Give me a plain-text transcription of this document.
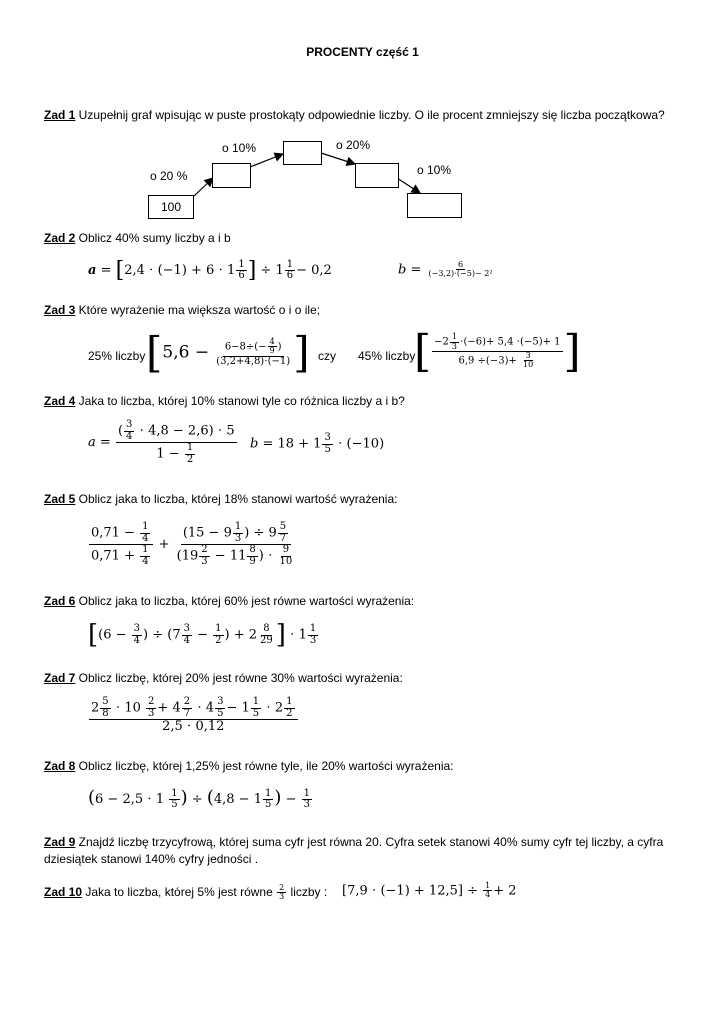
PROCENTY część 1
Zad 1 Uzupełnij graf wpisując w puste prostokąty odpowiednie liczby. O ile procent zmniejszy się liczba początkowa?
100
o 20 %
o 10%	o 20%
o 10%
Zad 2 Oblicz 40% sumy liczby a i b
$a = [2,4 \cdot (-1) + 6 \cdot 1 \frac{1}{6}$ ] ÷ $1 \frac{1}{6} - 0,2$	$b = \frac{6}{\text{(−3,2)⋅(−5)− 2²}}$
Zad 3 Które wyrażenie ma większa wartość o i o ile;
25% liczby [$5,6 - \frac{6-8\div(- \frac{4}{9} )}{(3,2+4,8)\cdot(-1)}$ ] czy 45% liczby
[ $\frac{-2 \frac{1}{3} \cdot(-6)+ 5,4 \cdot(-5)+ 1}{6,9 \div(-3)+ \frac{3}{10}}$ ]
Zad 4 Jaka to liczba, której 10% stanowi tyle co różnica liczby a i b?
$a = \frac{( \frac{3}{4} \cdot 4,8 - 2,6) \cdot 5}{1 - \frac{1}{2}}$ $b = 18 + 1 \frac{3}{5} \cdot (-10)$
Zad 5 Oblicz jaka to liczba, której 18% stanowi wartość wyrażenia:
$\frac{0,71 - \frac{1}{4}}{0,71 + \frac{1}{4}} + \frac{(15 - 9 \frac{1}{3} ) \div 9 \frac{5}{7}}{(19 \frac{2}{3} - 11 \frac{8}{9} ) \cdot \frac{9}{10}}$
Zad 6 Oblicz jaka to liczba, której 60% jest równe wartości wyrażenia:
[($6 - \frac{3}{4}$ ) ÷ ($7 \frac{3}{4} - \frac{1}{2}$ ) + $2 \frac{8}{29}$ ] ⋅ $1 \frac{1}{3}$
Zad 7 Oblicz liczbę, której 20% jest równe 30% wartości wyrażenia:
$\frac{2 \frac{5}{8} \cdot 10 \frac{2}{3} + 4 \frac{2}{7} \cdot 4 \frac{3}{5} - 1 \frac{1}{5} \cdot 2 \frac{1}{2}}{2,5 \cdot 0,12}$
Zad 8 Oblicz liczbę, której 1,25% jest równe tyle, ile 20% wartości wyrażenia:
($6 - 2,5 \cdot 1 \frac{1}{5}$ ) ÷ ($4,8 - 1 \frac{1}{5}$ ) − $\frac{1}{3}$
Zad 9 Znajdź liczbę trzycyfrową, której suma cyfr jest równa 20. Cyfra setek stanowi 40% sumy cyfr tej liczby, a cyfra
dziesiątek stanowi 140% cyfry jedności .
Zad 10 Jaka to liczba, której 5% jest równe $\frac{2}{3}$ liczby : $[7,9 \cdot (-1) + 12,5] \div \frac{1}{4} + 2$
